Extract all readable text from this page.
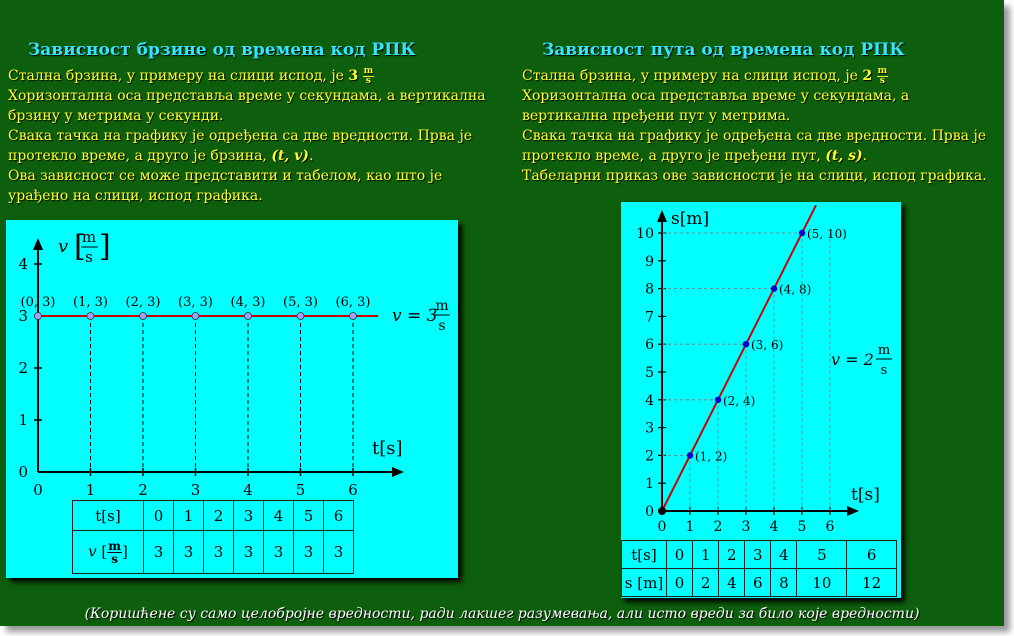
Зависност брзине од времена код РПК

Стална брзина, у примеру на слици испод, је $3 \frac{m}{s}$

Хоризонтална оса представља време у секундама, а вертикална брзину у метрима у секунди.

Свака тачка на графику је одређена са две вредности. Прва је протекло време, а друго је брзина, (t, v).

Ова зависност се може представити и табелом, као што је урађено на слици, испод графика.

Зависност пута од времена код РПК

Стална брзина, у примеру на слици испод, је $2 \frac{m}{s}$

Хоризонтална оса представља време у секундама, а вертикална пређени пут у метрима.

Свака тачка на графику је одређена са две вредности. Прва је протекло време, а друго је пређени пут, (t, s).

Табеларни приказ ове зависности је на слици, испод графика.

0
1
2
3
4
0	1	2	3	4	5	6
(0, 3) (1, 3) (2, 3) (3, 3) (4, 3) (5, 3) (6, 3)
v [
m
s ]
v = 3
m
s
t[s]
t[s]	0	1	2	3	4	5	6
v [ $\frac{m}{s}$ ]	3	3	3	3	3	3	3
0
1
2
3
4
5
6
7
8
9
10
0 1 2 3 4 5 6
(1, 2)
(2, 4)
(3, 6)
(4, 8)
(5, 10)
s[m]
t[s]
v = 2 m
s
t[s]	0	1	2	3	4	5	6
s [m]	0	2	4	6	8	10	12
(Коришћене су само целобројне вредности, ради лакшег разумевања, али исто вреди за било које вредности)
